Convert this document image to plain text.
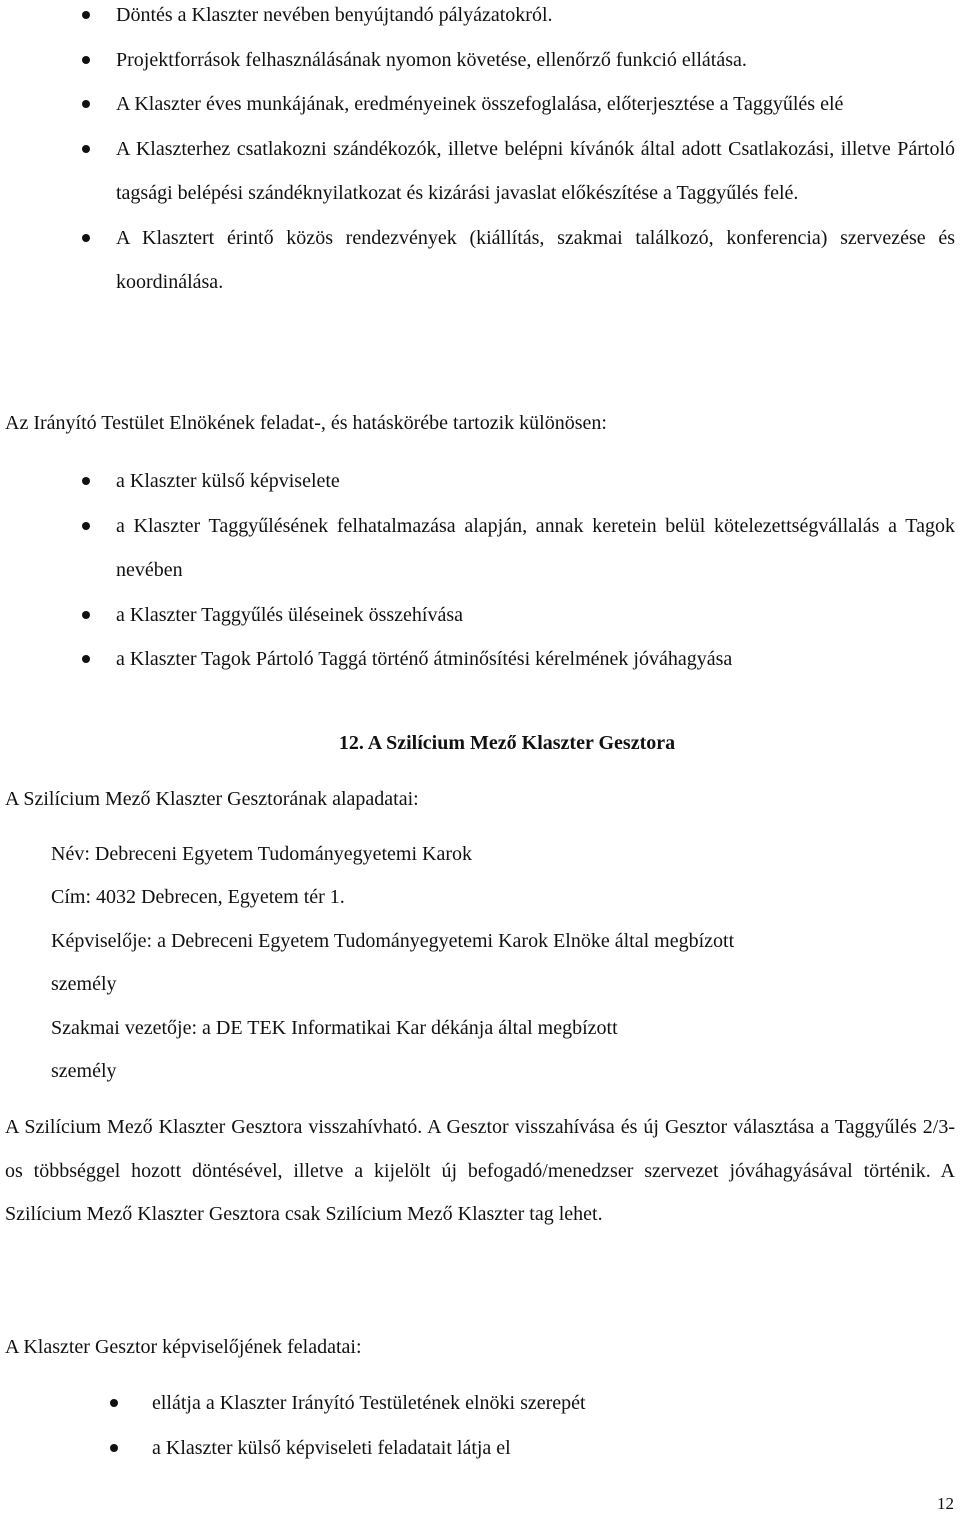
Döntés a Klaszter nevében benyújtandó pályázatokról.
Projektforrások felhasználásának nyomon követése, ellenőrző funkció ellátása.
A Klaszter éves munkájának, eredményeinek összefoglalása, előterjesztése a Taggyűlés elé
A Klaszterhez csatlakozni szándékozók, illetve belépni kívánók által adott Csatlakozási, illetve Pártoló tagsági belépési szándéknyilatkozat és kizárási javaslat előkészítése a Taggyűlés felé.
A Klasztert érintő közös rendezvények (kiállítás, szakmai találkozó, konferencia) szervezése és koordinálása.
Az Irányító Testület Elnökének feladat-, és hatáskörébe tartozik különösen:
a Klaszter külső képviselete
a Klaszter Taggyűlésének felhatalmazása alapján, annak keretein belül kötelezettségvállalás a Tagok nevében
a Klaszter Taggyűlés üléseinek összehívása
a Klaszter Tagok Pártoló Taggá történő átminősítési kérelmének jóváhagyása
12. A Szilícium Mező Klaszter Gesztora
A Szilícium Mező Klaszter Gesztorának alapadatai:
Név: Debreceni Egyetem Tudományegyetemi Karok
Cím: 4032 Debrecen, Egyetem tér 1.
Képviselője: a Debreceni Egyetem Tudományegyetemi Karok Elnöke által megbízott
személy
Szakmai vezetője: a DE TEK Informatikai Kar dékánja által megbízott
személy
A Szilícium Mező Klaszter Gesztora visszahívható. A Gesztor visszahívása és új Gesztor választása a Taggyűlés 2/3-os többséggel hozott döntésével, illetve a kijelölt új befogadó/menedzser szervezet jóváhagyásával történik. A Szilícium Mező Klaszter Gesztora csak Szilícium Mező Klaszter tag lehet.
A Klaszter Gesztor képviselőjének feladatai:
ellátja a Klaszter Irányító Testületének elnöki szerepét
a Klaszter külső képviseleti feladatait látja el
12
